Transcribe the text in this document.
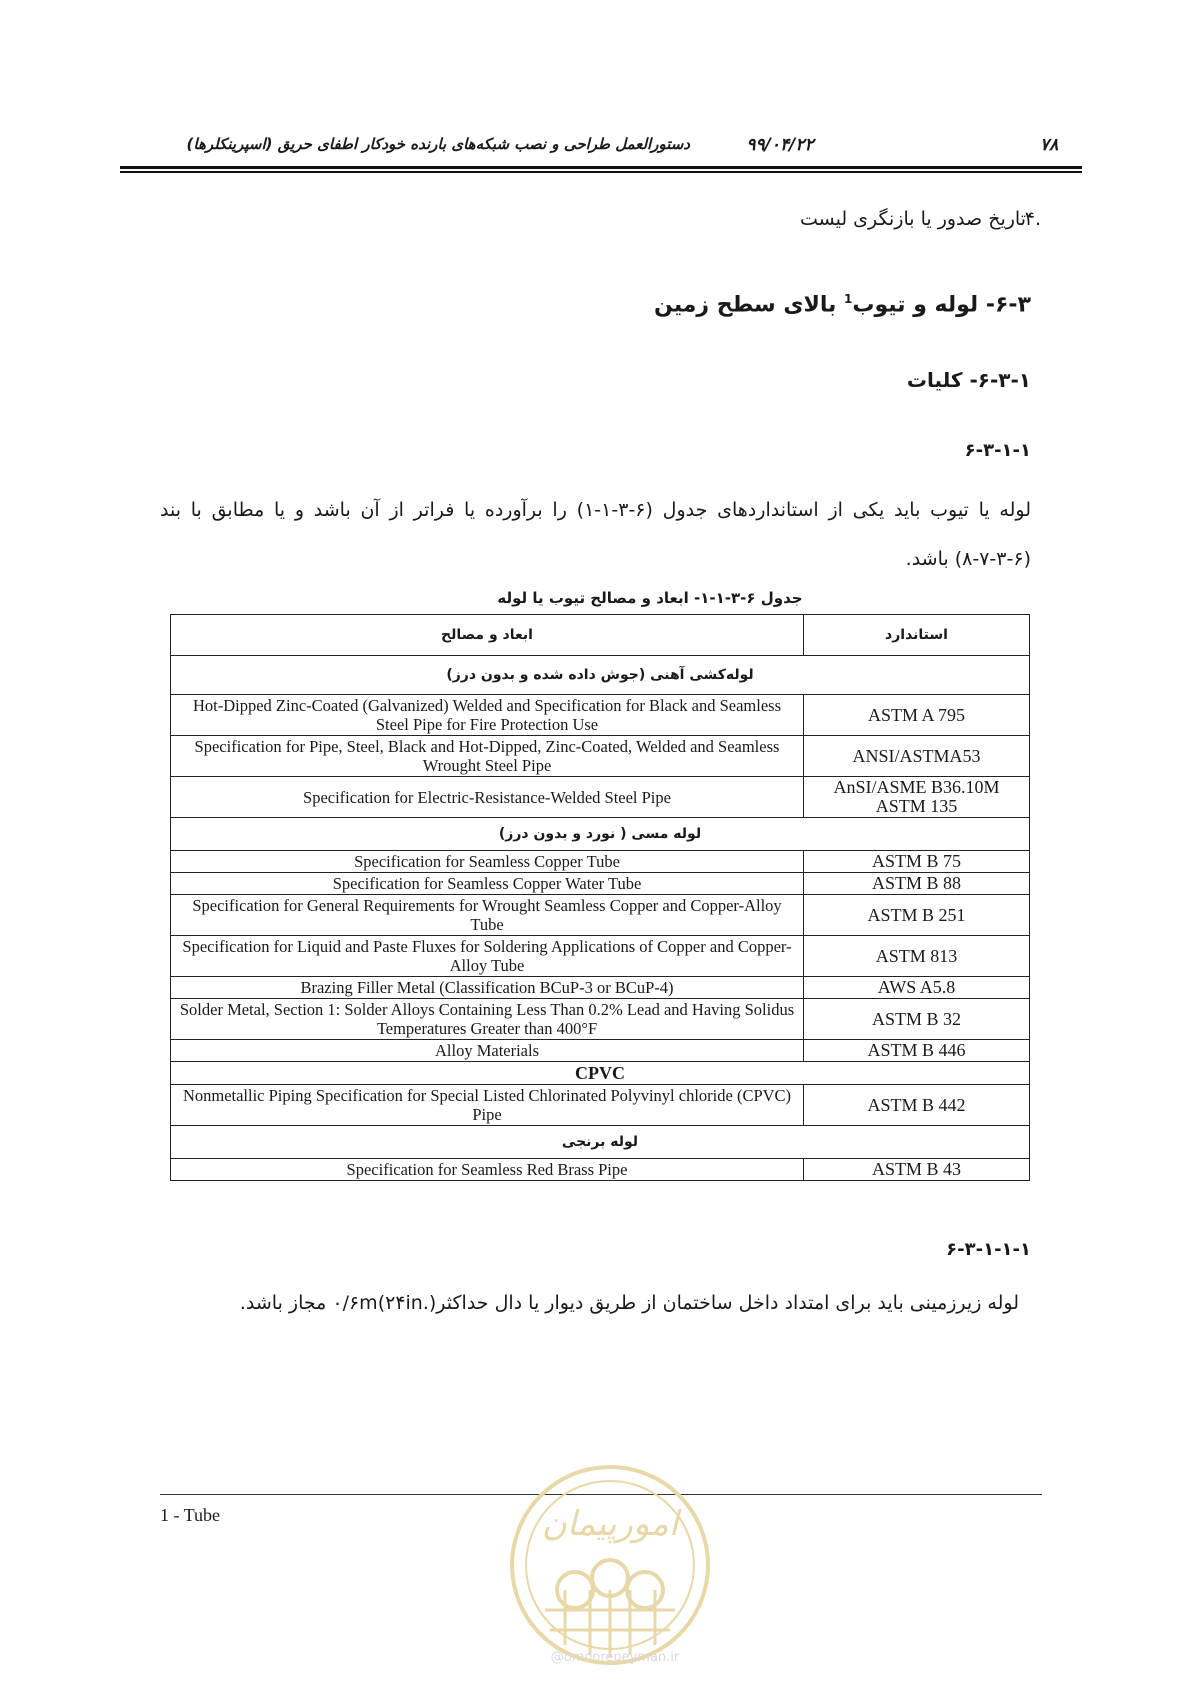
۷۸
۹۹/۰۴/۲۲
دستورالعمل طراحی و نصب شبکه‌های بارنده خودکار اطفای حریق (اسپرینکلرها)
تاریخ صدور یا بازنگری لیست
.۴
۶-۳- لوله و تیوب$^1$ بالای سطح زمین
۶-۳-۱- کلیات
۶-۳-۱-۱
لوله یا تیوب باید یکی از استانداردهای جدول (۶-۳-۱-۱) را برآورده یا فراتر از آن باشد و یا مطابق با بند (۶-۳-۷-۸) باشد.
جدول ۶-۳-۱-۱- ابعاد و مصالح تیوب یا لوله
ابعاد و مصالح	استاندارد
لوله‌کشی آهنی (جوش داده شده و بدون درز)	
Hot-Dipped Zinc-Coated (Galvanized) Welded and Specification for Black and Seamless Steel Pipe for Fire Protection Use	ASTM A 795
Specification for Pipe, Steel, Black and Hot-Dipped, Zinc-Coated, Welded and Seamless Wrought Steel Pipe	ANSI/ASTMA53
Specification for Electric-Resistance-Welded Steel Pipe	AnSI/ASME B36.10M
ASTM 135
لوله مسی ( نورد و بدون درز)	
Specification for Seamless Copper Tube	ASTM B 75
Specification for Seamless Copper Water Tube	ASTM B 88
Specification for General Requirements for Wrought Seamless Copper and Copper-Alloy Tube	ASTM B 251
Specification for Liquid and Paste Fluxes for Soldering Applications of Copper and Copper-Alloy Tube	ASTM 813
Brazing Filler Metal (Classification BCuP-3 or BCuP-4)	AWS A5.8
Solder Metal, Section 1: Solder Alloys Containing Less Than 0.2% Lead and Having Solidus Temperatures Greater than 400°F	ASTM B 32
Alloy Materials	ASTM B 446
CPVC	
Nonmetallic Piping Specification for Special Listed Chlorinated Polyvinyl chloride (CPVC) Pipe	ASTM B 442
لوله برنجی	
Specification for Seamless Red Brass Pipe	ASTM B 43
۶-۳-۱-۱-۱
لوله زیرزمینی باید برای امتداد داخل ساختمان از طریق دیوار یا دال حداکثر۰/۶m(۲۴in.) مجاز باشد.
1 - Tube	امورپیمان
@omoorepeyman.ir
